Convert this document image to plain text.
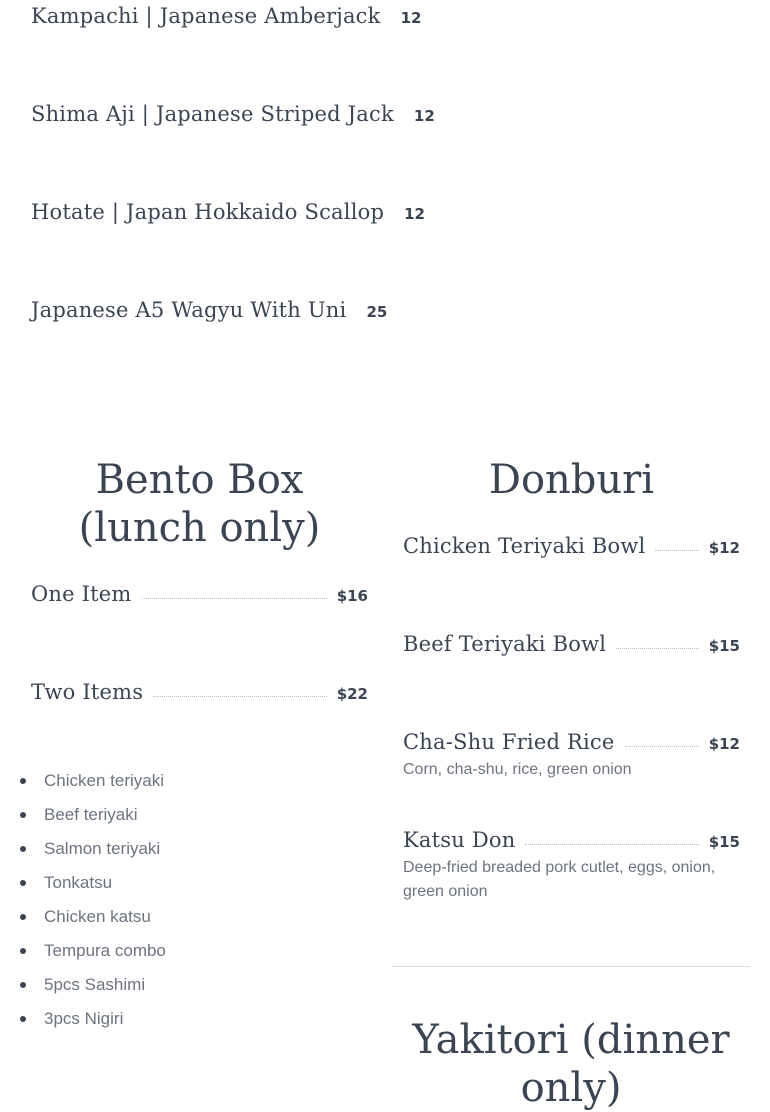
Kampachi | Japanese Amberjack 12
Shima Aji | Japanese Striped Jack 12
Hotate | Japan Hokkaido Scallop 12
Japanese A5 Wagyu With Uni 25
Bento Box (lunch only)
One Item	$16
Two Items	$22
Chicken teriyaki
Beef teriyaki
Salmon teriyaki
Tonkatsu
Chicken katsu
Tempura combo
5pcs Sashimi
3pcs Nigiri
Donburi
Chicken Teriyaki Bowl	$12
Beef Teriyaki Bowl	$15
Cha-Shu Fried Rice	$12
Corn, cha-shu, rice, green onion
Katsu Don	$15
Deep-fried breaded pork cutlet, eggs, onion, green onion
Yakitori (dinner only)
